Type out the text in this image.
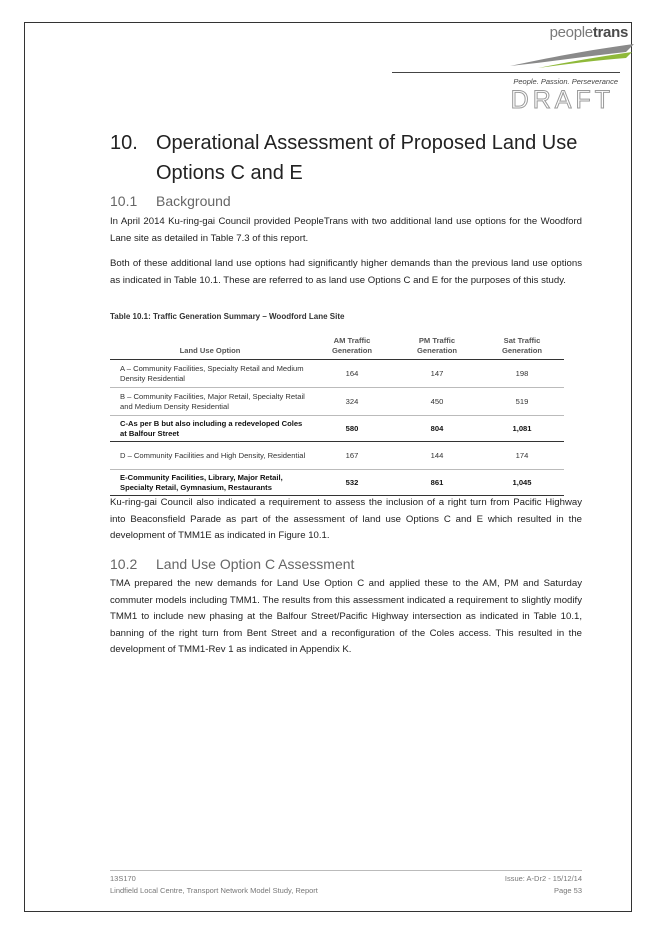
peopletrans
People. Passion. Perseverance
DRAFT
10. Operational Assessment of Proposed Land Use Options C and E
10.1 Background
In April 2014 Ku-ring-gai Council provided PeopleTrans with two additional land use options for the Woodford Lane site as detailed in Table 7.3 of this report.
Both of these additional land use options had significantly higher demands than the previous land use options as indicated in Table 10.1. These are referred to as land use Options C and E for the purposes of this study.
Table 10.1: Traffic Generation Summary – Woodford Lane Site
Land Use Option	AM Traffic Generation	PM Traffic Generation	Sat Traffic Generation
A – Community Facilities, Specialty Retail and Medium Density Residential	164	147	198
B – Community Facilities, Major Retail, Specialty Retail and Medium Density Residential	324	450	519
C-As per B but also including a redeveloped Coles at Balfour Street	580	804	1,081
D – Community Facilities and High Density, Residential	167	144	174
E-Community Facilities, Library, Major Retail, Specialty Retail, Gymnasium, Restaurants	532	861	1,045
Ku-ring-gai Council also indicated a requirement to assess the inclusion of a right turn from Pacific Highway into Beaconsfield Parade as part of the assessment of land use Options C and E which resulted in the development of TMM1E as indicated in Figure 10.1.
10.2 Land Use Option C Assessment
TMA prepared the new demands for Land Use Option C and applied these to the AM, PM and Saturday commuter models including TMM1. The results from this assessment indicated a requirement to slightly modify TMM1 to include new phasing at the Balfour Street/Pacific Highway intersection as indicated in Table 10.1, banning of the right turn from Bent Street and a reconfiguration of the Coles access. This resulted in the development of TMM1-Rev 1 as indicated in Appendix K.
13S170
Lindfield Local Centre, Transport Network Model Study, Report
Issue: A-Dr2 - 15/12/14
Page 53
